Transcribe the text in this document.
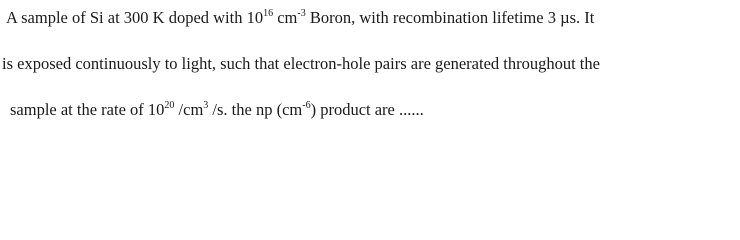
A sample of Si at 300 K doped with $10^{16}$ $cm^{-3}$ Boron, with recombination lifetime 3 µs. It
is exposed continuously to light, such that electron-hole pairs are generated throughout the
sample at the rate of $10^{20}$ $/cm^3$ /s. the np $(cm^{-6})$ product are ......
